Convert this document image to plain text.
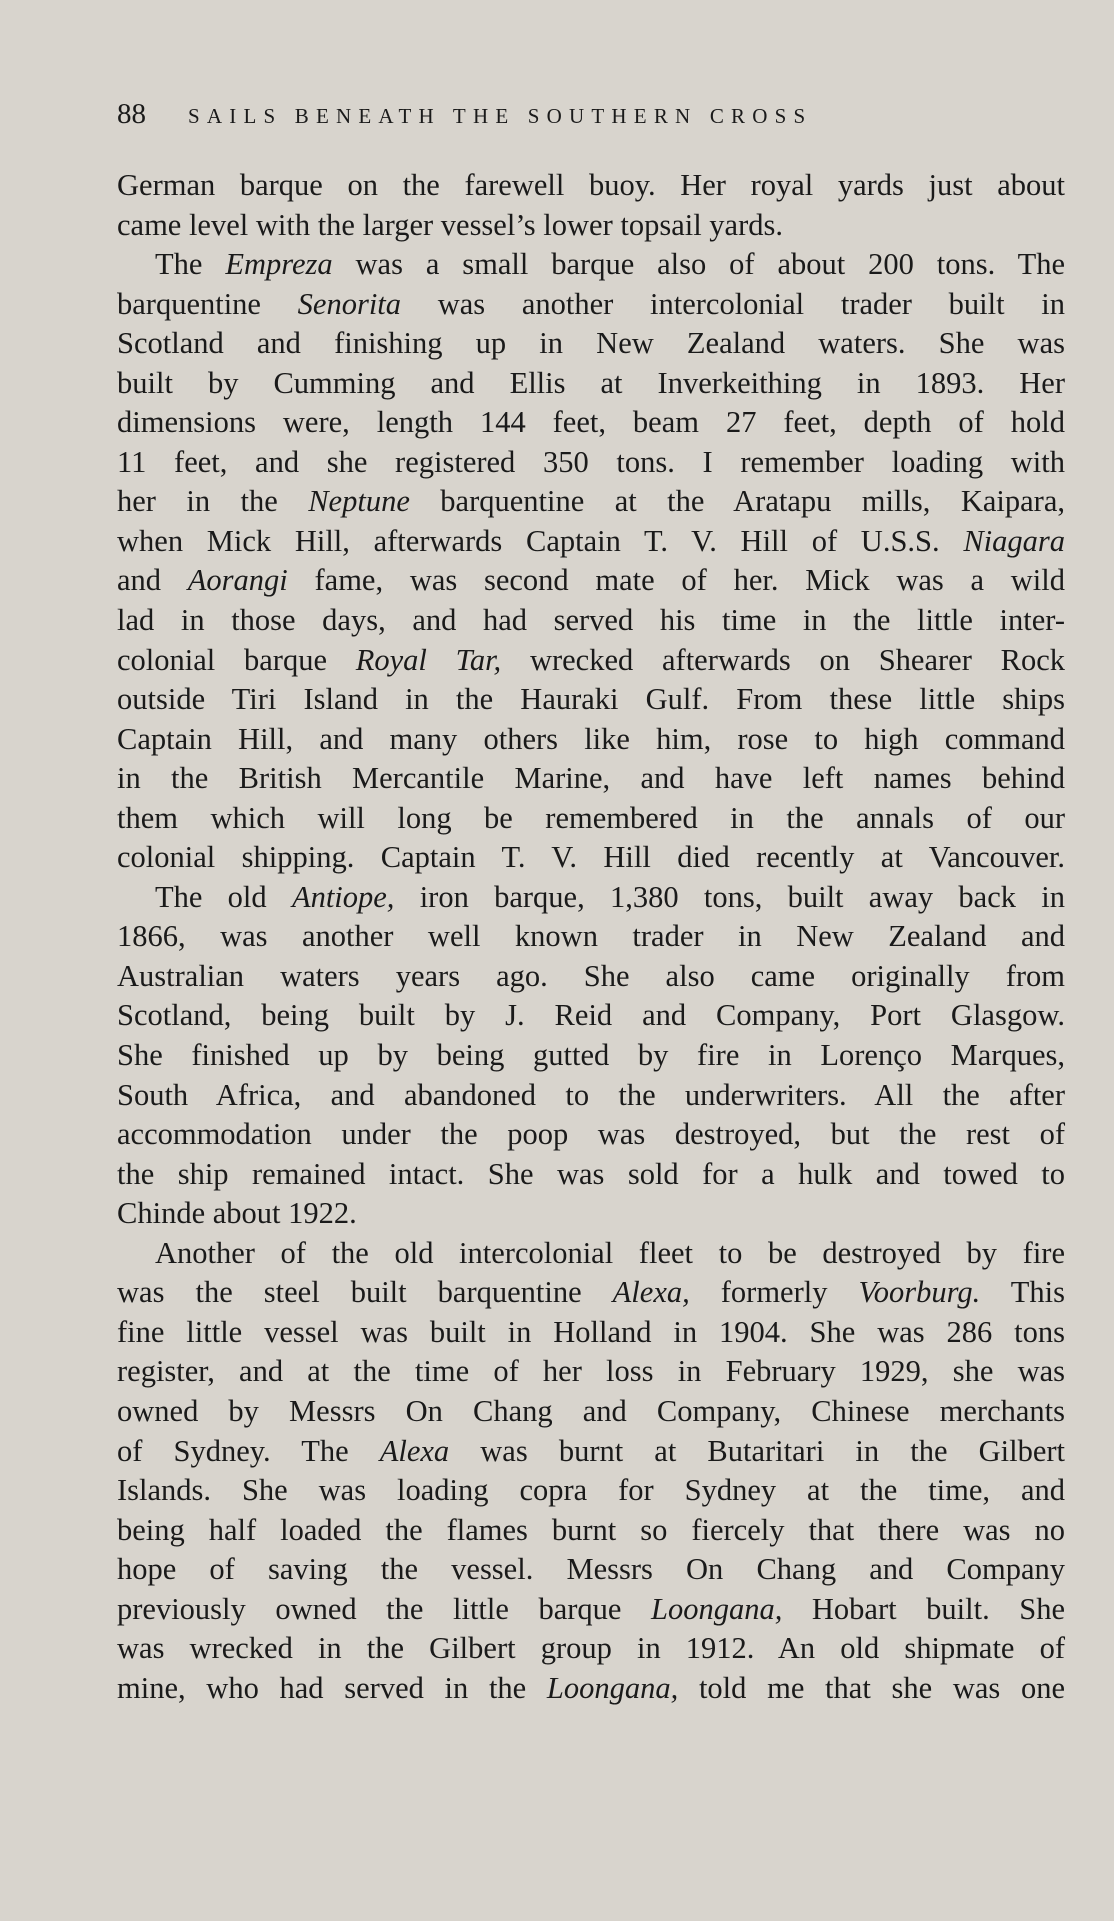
88 SAILS BENEATH THE SOUTHERN CROSS
German barque on the farewell buoy. Her royal yards just about
came level with the larger vessel’s lower topsail yards.
The Empreza was a small barque also of about 200 tons. The
barquentine Senorita was another intercolonial trader built in
Scotland and finishing up in New Zealand waters. She was
built by Cumming and Ellis at Inverkeithing in 1893. Her
dimensions were, length 144 feet, beam 27 feet, depth of hold
11 feet, and she registered 350 tons. I remember loading with
her in the Neptune barquentine at the Aratapu mills, Kaipara,
when Mick Hill, afterwards Captain T. V. Hill of U.S.S. Niagara
and Aorangi fame, was second mate of her. Mick was a wild
lad in those days, and had served his time in the little inter-
colonial barque Royal Tar, wrecked afterwards on Shearer Rock
outside Tiri Island in the Hauraki Gulf. From these little ships
Captain Hill, and many others like him, rose to high command
in the British Mercantile Marine, and have left names behind
them which will long be remembered in the annals of our
colonial shipping. Captain T. V. Hill died recently at Vancouver.
The old Antiope, iron barque, 1,380 tons, built away back in
1866, was another well known trader in New Zealand and
Australian waters years ago. She also came originally from
Scotland, being built by J. Reid and Company, Port Glasgow.
She finished up by being gutted by fire in Lorenço Marques,
South Africa, and abandoned to the underwriters. All the after
accommodation under the poop was destroyed, but the rest of
the ship remained intact. She was sold for a hulk and towed to
Chinde about 1922.
Another of the old intercolonial fleet to be destroyed by fire
was the steel built barquentine Alexa, formerly Voorburg. This
fine little vessel was built in Holland in 1904. She was 286 tons
register, and at the time of her loss in February 1929, she was
owned by Messrs On Chang and Company, Chinese merchants
of Sydney. The Alexa was burnt at Butaritari in the Gilbert
Islands. She was loading copra for Sydney at the time, and
being half loaded the flames burnt so fiercely that there was no
hope of saving the vessel. Messrs On Chang and Company
previously owned the little barque Loongana, Hobart built. She
was wrecked in the Gilbert group in 1912. An old shipmate of
mine, who had served in the Loongana, told me that she was one
